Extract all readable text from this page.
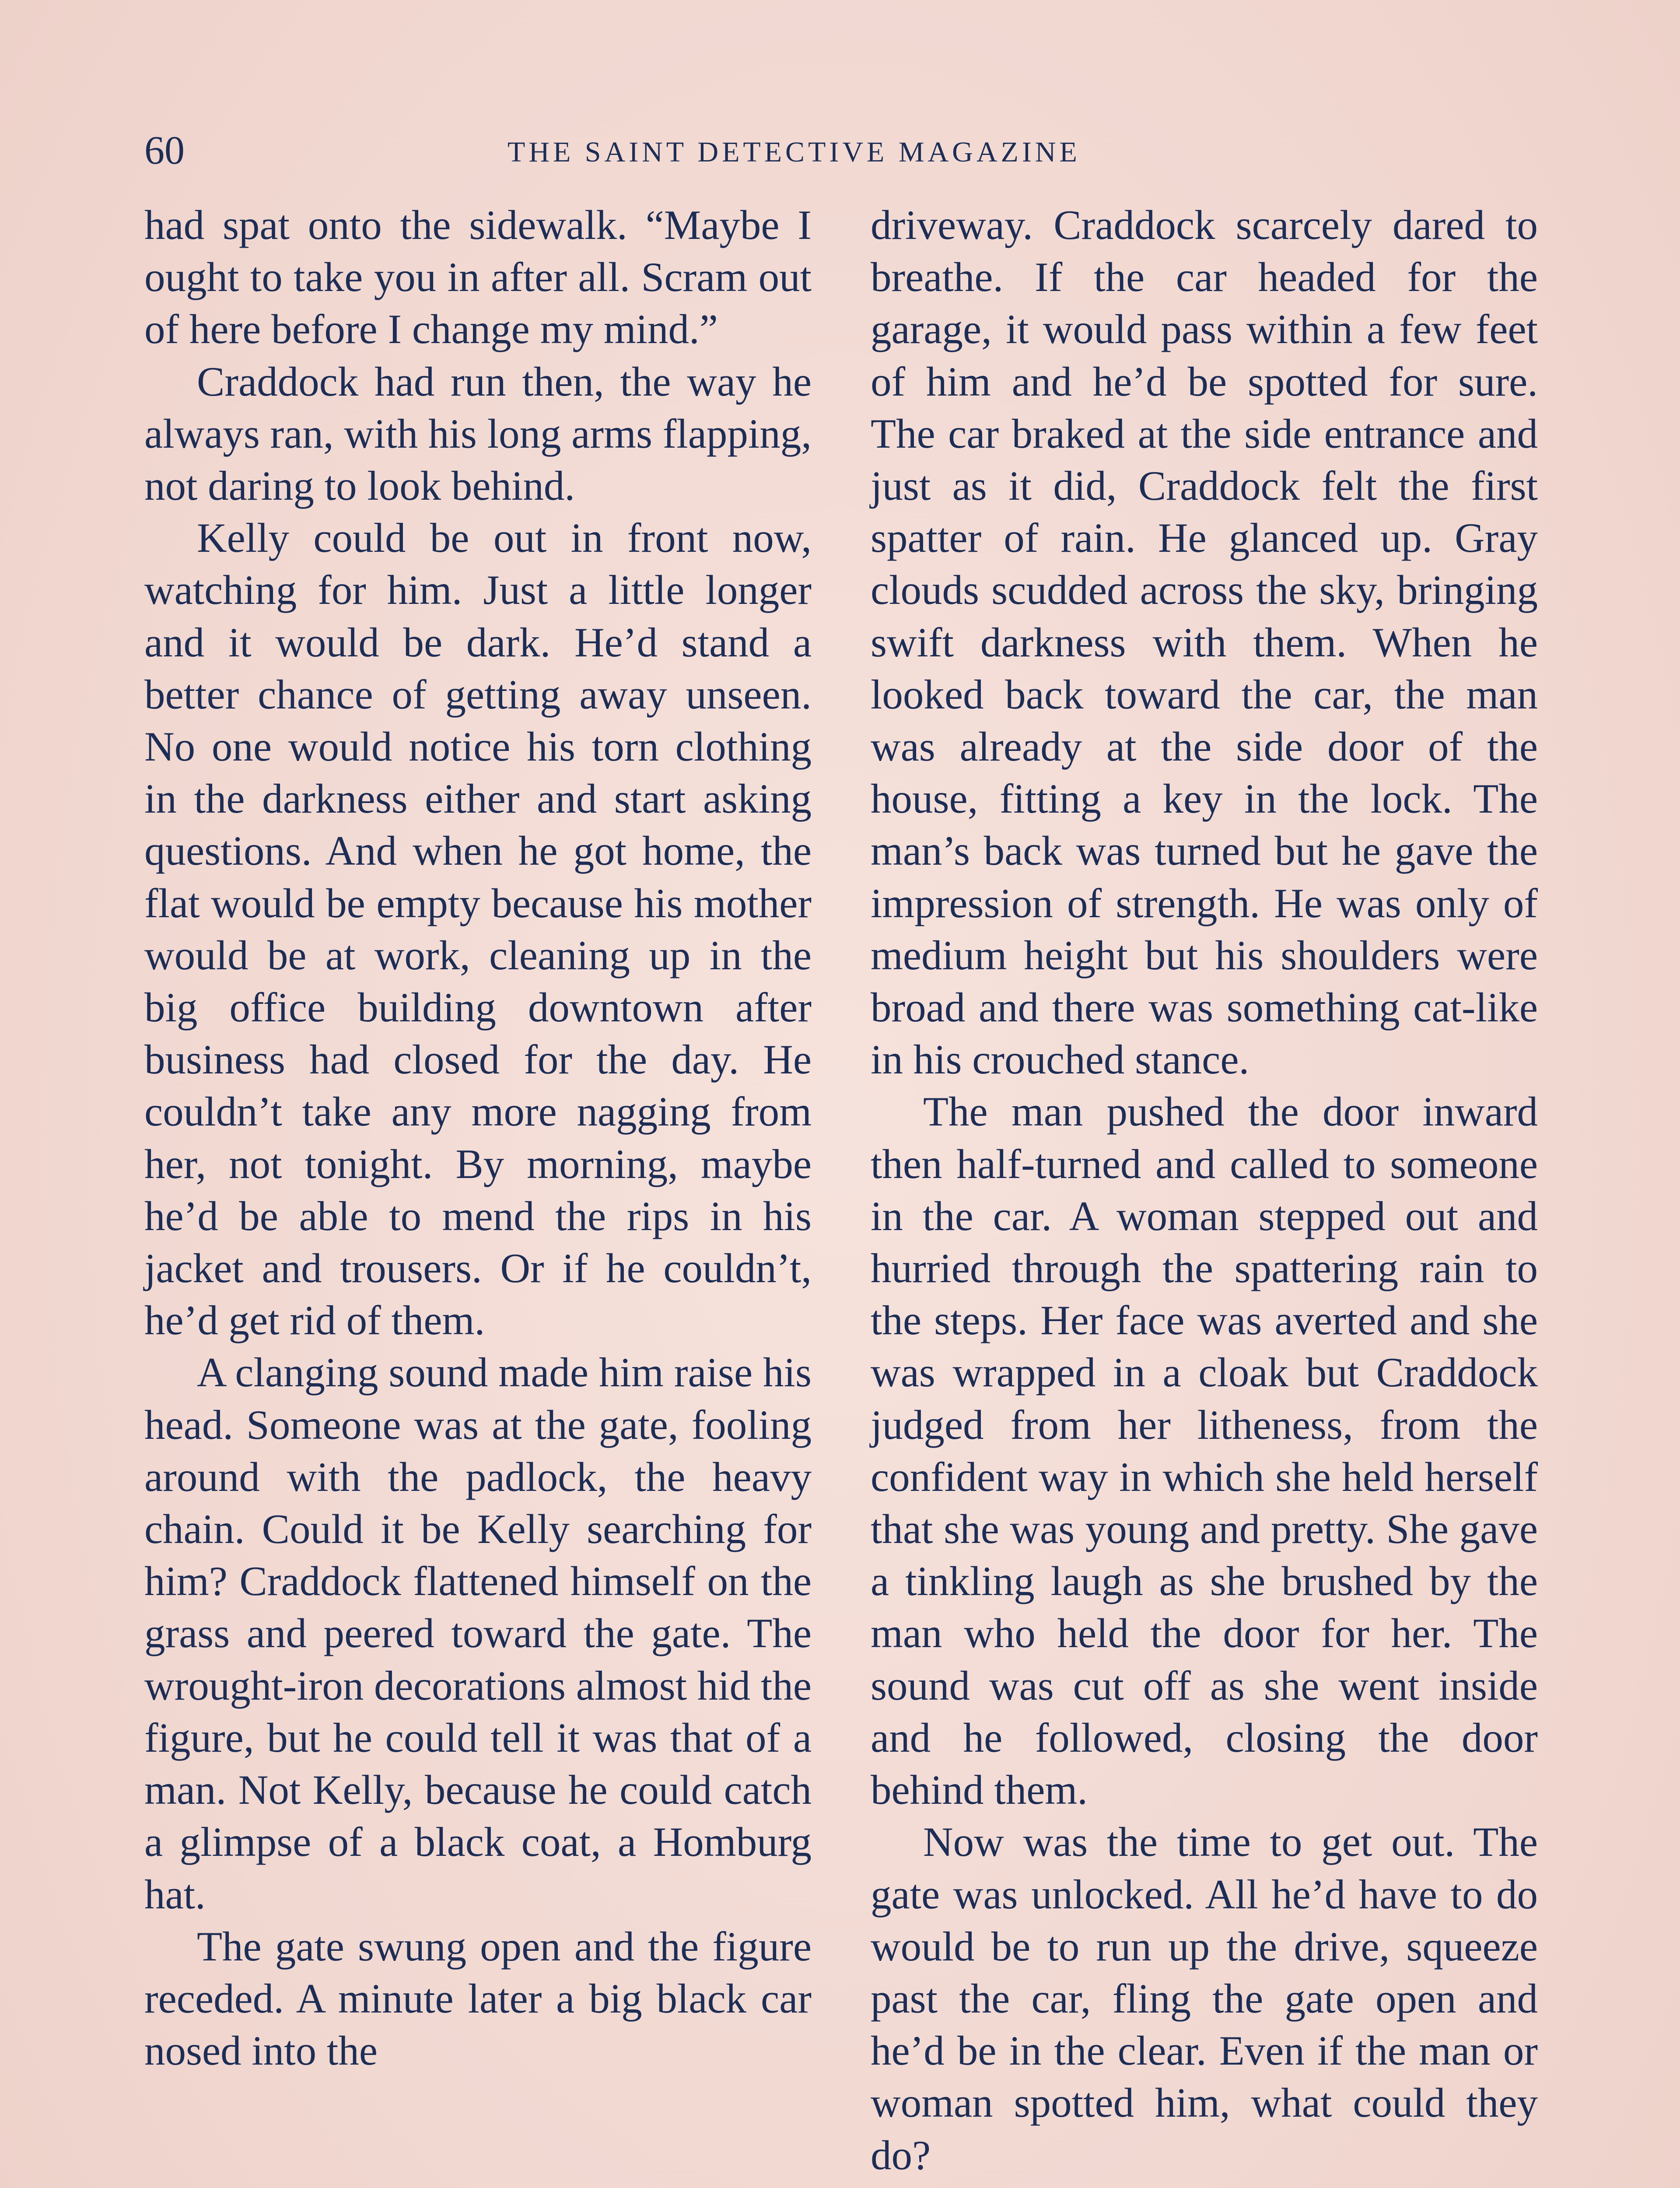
60	THE SAINT DETECTIVE MAGAZINE

had spat onto the sidewalk. “Maybe I ought to take you in after all. Scram out of here before I change my mind.”

Craddock had run then, the way he always ran, with his long arms flapping, not daring to look behind.

Kelly could be out in front now, watching for him. Just a little longer and it would be dark. He’d stand a better chance of getting away unseen. No one would notice his torn clothing in the darkness either and start asking questions. And when he got home, the flat would be empty because his mother would be at work, cleaning up in the big office building downtown after business had closed for the day. He couldn’t take any more nagging from her, not tonight. By morning, maybe he’d be able to mend the rips in his jacket and trousers. Or if he couldn’t, he’d get rid of them.

A clanging sound made him raise his head. Someone was at the gate, fooling around with the padlock, the heavy chain. Could it be Kelly searching for him? Craddock flattened himself on the grass and peered toward the gate. The wrought-iron decorations almost hid the figure, but he could tell it was that of a man. Not Kelly, because he could catch a glimpse of a black coat, a Homburg hat.

The gate swung open and the figure receded. A minute later a big black car nosed into the

driveway. Craddock scarcely dared to breathe. If the car headed for the garage, it would pass within a few feet of him and he’d be spotted for sure. The car braked at the side entrance and just as it did, Craddock felt the first spatter of rain. He glanced up. Gray clouds scudded across the sky, bringing swift darkness with them. When he looked back toward the car, the man was already at the side door of the house, fitting a key in the lock. The man’s back was turned but he gave the impression of strength. He was only of medium height but his shoulders were broad and there was something cat-like in his crouched stance.

The man pushed the door inward then half-turned and called to someone in the car. A woman stepped out and hurried through the spattering rain to the steps. Her face was averted and she was wrapped in a cloak but Craddock judged from her litheness, from the confident way in which she held herself that she was young and pretty. She gave a tinkling laugh as she brushed by the man who held the door for her. The sound was cut off as she went inside and he followed, closing the door behind them.

Now was the time to get out. The gate was unlocked. All he’d have to do would be to run up the drive, squeeze past the car, fling the gate open and he’d be in the clear. Even if the man or woman spotted him, what could they do?
